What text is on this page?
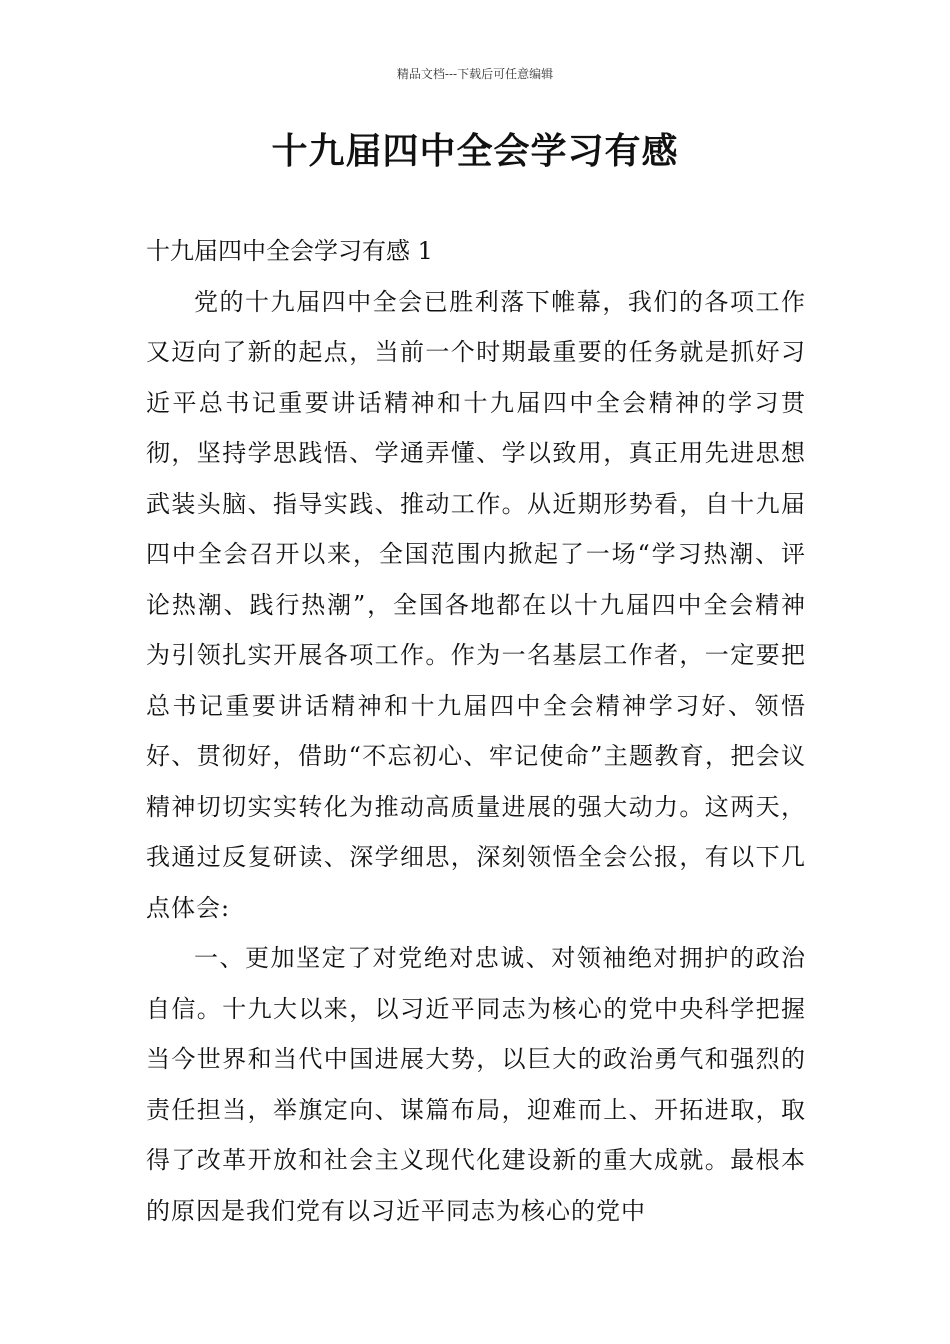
精品文档---下载后可任意编辑
十九届四中全会学习有感

十九届四中全会学习有感 1

党的十九届四中全会已胜利落下帷幕，我们的各项工作又迈向了新的起点，当前一个时期最重要的任务就是抓好习近平总书记重要讲话精神和十九届四中全会精神的学习贯彻，坚持学思践悟、学通弄懂、学以致用，真正用先进思想武装头脑、指导实践、推动工作。从近期形势看，自十九届四中全会召开以来，全国范围内掀起了一场“学习热潮、评论热潮、践行热潮”，全国各地都在以十九届四中全会精神为引领扎实开展各项工作。作为一名基层工作者，一定要把总书记重要讲话精神和十九届四中全会精神学习好、领悟好、贯彻好，借助“不忘初心、牢记使命”主题教育，把会议精神切切实实转化为推动高质量进展的强大动力。这两天，我通过反复研读、深学细思，深刻领悟全会公报，有以下几点体会:

一、更加坚定了对党绝对忠诚、对领袖绝对拥护的政治自信。十九大以来，以习近平同志为核心的党中央科学把握当今世界和当代中国进展大势，以巨大的政治勇气和强烈的责任担当，举旗定向、谋篇布局，迎难而上、开拓进取，取得了改革开放和社会主义现代化建设新的重大成就。最根本的原因是我们党有以习近平同志为核心的党中
